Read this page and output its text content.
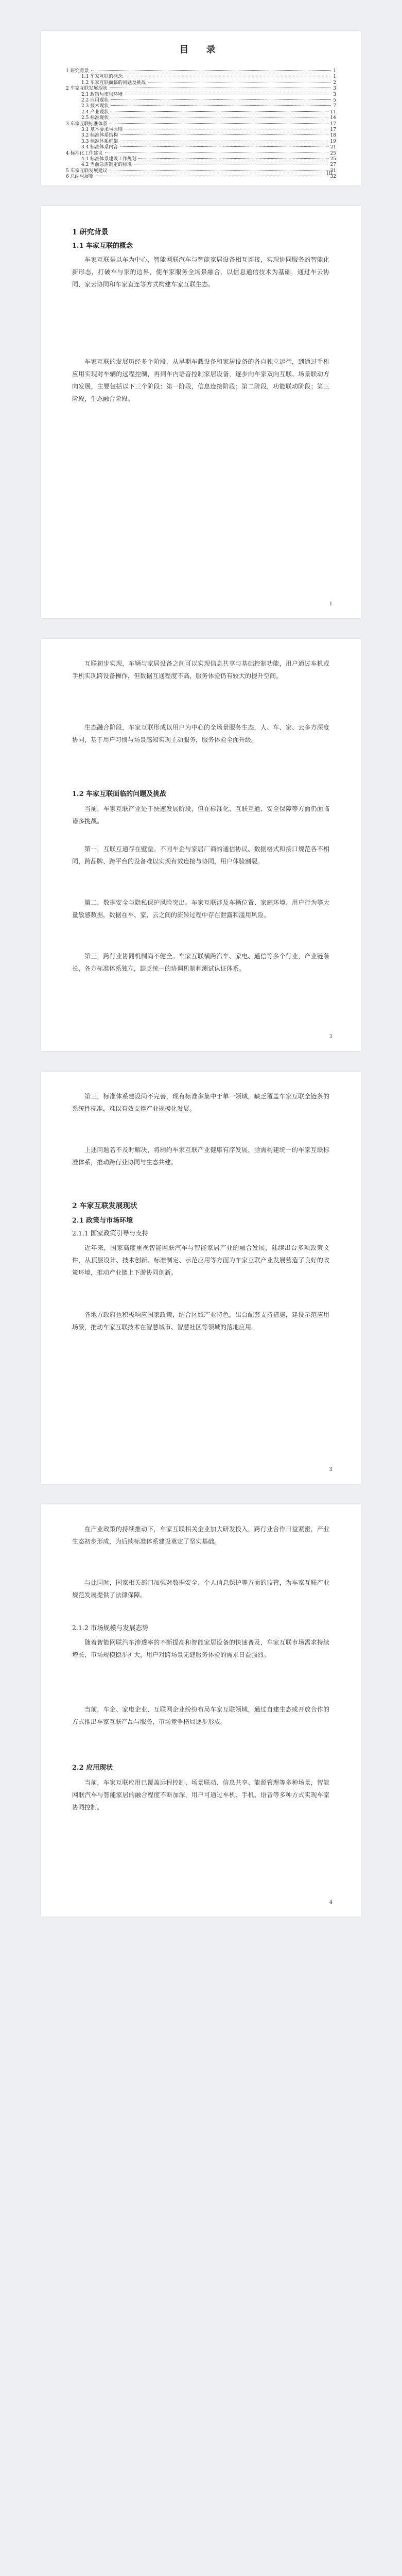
目 录
1 研究背景	1
1.1 车家互联的概念	1
1.2 车家互联面临的问题及挑战	2
2 车家互联发展现状	3
2.1 政策与市场环境	3
2.2 应用现状	5
2.3 技术现状	7
2.4 产业现状	11
2.5 标准现状	14
3 车家互联标准体系	17
3.1 基本要求与原则	17
3.2 标准体系结构	18
3.3 标准体系框架	19
3.4 标准体系内容	21
4 标准化工作建议	25
4.1 标准体系建设工作规划	25
4.2 当前急需制定的标准	27
5 车家互联发展建议	31
6 总结与展望	32
III
1 研究背景
1.1 车家互联的概念
车家互联是以车为中心，智能网联汽车与智能家居设备相互连接，实现协同服务的智能化新形态，打破车与家的边界，使车家服务全场景融合，以信息通信技术为基础，通过车云协同、家云协同和车家直连等方式构建车家互联生态。
车家互联的发展历经多个阶段，从早期车载设备和家居设备的各自独立运行，到通过手机应用实现对车辆的远程控制，再到车内语音控制家居设备，逐步向车家双向互联、场景联动方向发展，主要包括以下三个阶段：第一阶段，信息连接阶段；第二阶段，功能联动阶段；第三阶段，生态融合阶段。
1
互联初步实现，车辆与家居设备之间可以实现信息共享与基础控制功能，用户通过车机或手机实现跨设备操作，但数据互通程度不高，服务体验仍有较大的提升空间。
生态融合阶段，车家互联形成以用户为中心的全场景服务生态，人、车、家、云多方深度协同，基于用户习惯与场景感知实现主动服务，服务体验全面升级。
1.2 车家互联面临的问题及挑战
当前，车家互联产业处于快速发展阶段，但在标准化、互联互通、安全保障等方面仍面临诸多挑战。
第一，互联互通存在壁垒。不同车企与家居厂商的通信协议、数据格式和接口规范各不相同，跨品牌、跨平台的设备难以实现有效连接与协同，用户体验割裂。
第二，数据安全与隐私保护风险突出。车家互联涉及车辆位置、家庭环境、用户行为等大量敏感数据，数据在车、家、云之间的流转过程中存在泄露和滥用风险。
第三，跨行业协同机制尚不健全。车家互联横跨汽车、家电、通信等多个行业，产业链条长，各方标准体系独立，缺乏统一的协调机制和测试认证体系。
2
第三，标准体系建设尚不完善，现有标准多集中于单一领域，缺乏覆盖车家互联全链条的系统性标准，难以有效支撑产业规模化发展。
上述问题若不及时解决，将制约车家互联产业健康有序发展，亟需构建统一的车家互联标准体系，推动跨行业协同与生态共建。
2 车家互联发展现状
2.1 政策与市场环境
2.1.1 国家政策引导与支持
近年来，国家高度重视智能网联汽车与智能家居产业的融合发展，陆续出台多项政策文件，从顶层设计、技术创新、标准制定、示范应用等方面为车家互联产业发展营造了良好的政策环境，推动产业链上下游协同创新。
各地方政府也积极响应国家政策，结合区域产业特色，出台配套支持措施，建设示范应用场景，推动车家互联技术在智慧城市、智慧社区等领域的落地应用。
3
在产业政策的持续推动下，车家互联相关企业加大研发投入，跨行业合作日益紧密，产业生态初步形成，为后续标准体系建设奠定了坚实基础。
与此同时，国家相关部门加强对数据安全、个人信息保护等方面的监管，为车家互联产业规范发展提供了法律保障。
2.1.2 市场规模与发展态势
随着智能网联汽车渗透率的不断提高和智能家居设备的快速普及，车家互联市场需求持续增长，市场规模稳步扩大，用户对跨场景无缝服务体验的需求日益强烈。
当前，车企、家电企业、互联网企业纷纷布局车家互联领域，通过自建生态或开放合作的方式推出车家互联产品与服务，市场竞争格局逐步形成。
2.2 应用现状
当前，车家互联应用已覆盖远程控制、场景联动、信息共享、能源管理等多种场景，智能网联汽车与智能家居的融合程度不断加深，用户可通过车机、手机、语音等多种方式实现车家协同控制。
4
